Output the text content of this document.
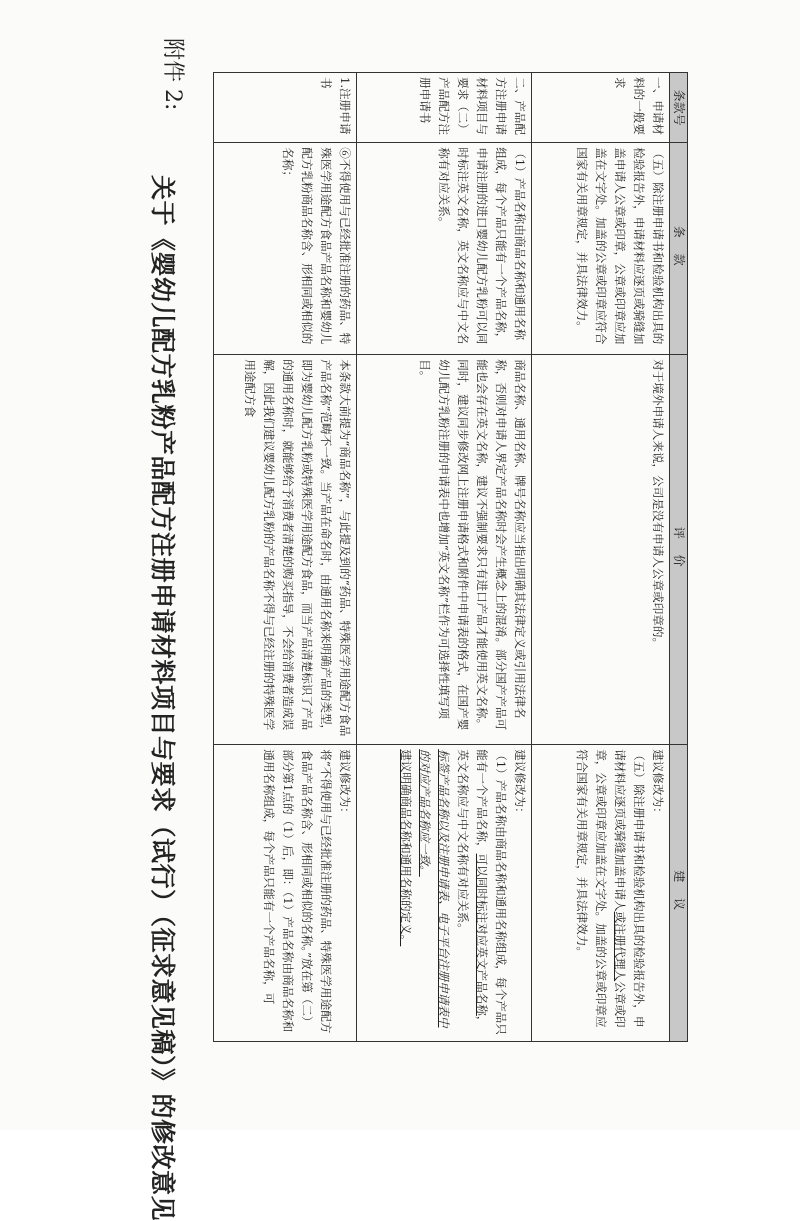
附件 2:
关于《婴幼儿配方乳粉产品配方注册申请材料项目与要求（试行）（征求意见稿）》的修改意见
条款号	条 款	评 价	建 议
一、申请材料的一般要求	（五）除注册申请书和检验机构出具的检验报告外，申请材料应逐页或骑缝加盖申请人公章或印章，公章或印章应加盖在文字处。加盖的公章或印章应符合国家有关用章规定，并具法律效力。	对于境外申请人来说，公司是没有申请人公章或印章的。	建议修改为：
（五）除注册申请书和检验机构出具的检验报告外，申请材料应逐页或骑缝加盖申请人或注册代理人公章或印章，公章或印章应加盖在文字处。加盖的公章或印章应符合国家有关用章规定，并具法律效力。

二、产品配方注册申请材料项目与要求（二）产品配方注册申请书	（1）产品名称由商品名称和通用名称组成，每个产品只能有一个产品名称，申请注册的进口婴幼儿配方乳粉可以同时标注英文名称，英文名称应与中文名称有对应关系。	商品名称、通用名称、牌号名称应当指出明确其法律定义或引用法律名称，否则对申请人界定产品名称时会产生概念上的混淆。部分国产产品可能也会存在英文名称，建议不强制要求只有进口产品才能使用英文名称。同时，建议同步修改网上注册申请格式和附件中申请表的格式，在国产婴幼儿配方乳粉注册的申请表中也增加“英文名称”栏作为可选择性填写项目。	建议修改为：
（1）产品名称由商品名称和通用名称组成，每个产品只能有一个产品名称，可以同时标注对应英文产品名称，英文名称应与中文名称有对应关系。
标签产品名称以及注册申请表、电子平台注册申请表中的对应产品名称应一致。
建议明确商品名称和通用名称的定义。

1.注册申请书	⑥不得使用与已经批准注册的药品、特殊医学用途配方食品产品名称和婴幼儿配方乳粉商品名称含、形相同或相似的名称；	本条款大前提为“商品名称”，与此提及到的“药品、特殊医学用途配方食品产品名称”范畴不一致。当产品在命名时，由通用名称来明确产品的类型，即为婴幼儿配方乳粉或特殊医学用途配方食品，而当产品清楚标识了产品的通用名称时，就能够给予消费者清楚的购买指导，不会给消费者造成误解，因此我们建议婴幼儿配方乳粉的产品名称不得与已经注册的特殊医学用途配方食	建议修改为：
将“不得使用与已经批准注册的药品、特殊医学用途配方食品产品名称含、形相同或相似的名称。”放在第（二）部分第1点的（1）后，即：（1）产品名称由商品名称和通用名称组成，每个产品只能有一个产品名称，可
